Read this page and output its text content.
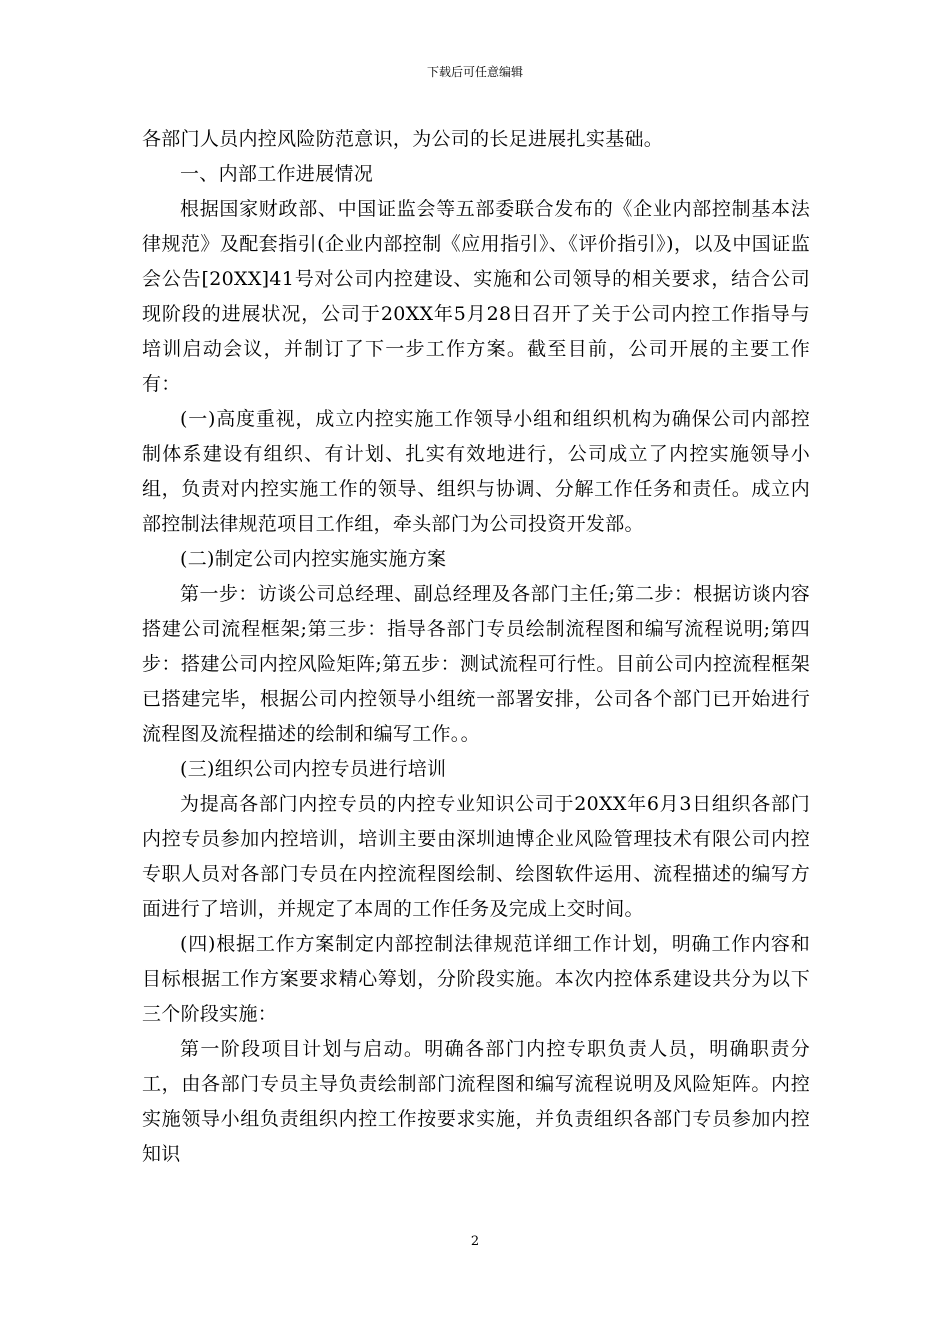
下载后可任意编辑

各部门人员内控风险防范意识，为公司的长足进展扎实基础。

一、内部工作进展情况

根据国家财政部、中国证监会等五部委联合发布的《企业内部控制基本法律规范》及配套指引(企业内部控制《应用指引》、《评价指引》)，以及中国证监会公告[20XX]41号对公司内控建设、实施和公司领导的相关要求，结合公司现阶段的进展状况，公司于20XX年5月28日召开了关于公司内控工作指导与培训启动会议，并制订了下一步工作方案。截至目前，公司开展的主要工作有：

(一)高度重视，成立内控实施工作领导小组和组织机构为确保公司内部控制体系建设有组织、有计划、扎实有效地进行，公司成立了内控实施领导小组，负责对内控实施工作的领导、组织与协调、分解工作任务和责任。成立内部控制法律规范项目工作组，牵头部门为公司投资开发部。

(二)制定公司内控实施实施方案

第一步：访谈公司总经理、副总经理及各部门主任;第二步：根据访谈内容搭建公司流程框架;第三步：指导各部门专员绘制流程图和编写流程说明;第四步：搭建公司内控风险矩阵;第五步：测试流程可行性。目前公司内控流程框架已搭建完毕，根据公司内控领导小组统一部署安排，公司各个部门已开始进行流程图及流程描述的绘制和编写工作。。

(三)组织公司内控专员进行培训

为提高各部门内控专员的内控专业知识公司于20XX年6月3日组织各部门内控专员参加内控培训，培训主要由深圳迪博企业风险管理技术有限公司内控专职人员对各部门专员在内控流程图绘制、绘图软件运用、流程描述的编写方面进行了培训，并规定了本周的工作任务及完成上交时间。

(四)根据工作方案制定内部控制法律规范详细工作计划，明确工作内容和目标根据工作方案要求精心筹划，分阶段实施。本次内控体系建设共分为以下三个阶段实施：

第一阶段项目计划与启动。明确各部门内控专职负责人员，明确职责分工，由各部门专员主导负责绘制部门流程图和编写流程说明及风险矩阵。内控实施领导小组负责组织内控工作按要求实施，并负责组织各部门专员参加内控知识

2
